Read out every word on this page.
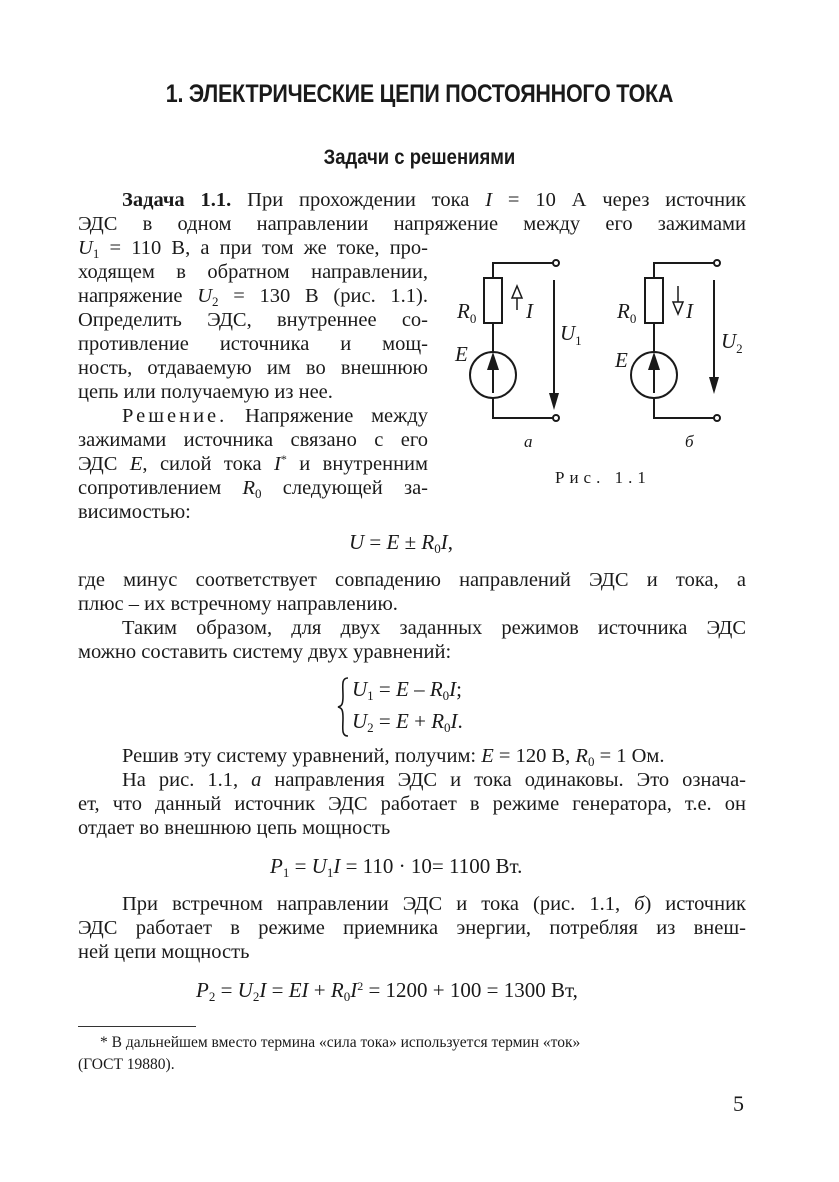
1. ЭЛЕКТРИЧЕСКИЕ ЦЕПИ ПОСТОЯННОГО ТОКА
Задачи с решениями
Задача 1.1. При прохождении тока I = 10 А через источник
ЭДС в одном направлении напряжение между его зажимами
$U_1 = 110$ В, а при том же токе, про-
ходящем в обратном направлении,
напряжение $U_2 = 130$ В (рис. 1.1).
Определить ЭДС, внутреннее со-
противление источника и мощ-
ность, отдаваемую им во внешнюю
цепь или получаемую из нее.
Решение. Напряжение между
зажимами источника связано с его
ЭДС E, силой тока I* и внутренним
сопротивлением $R_0$ следующей за-
висимостью:
$R_0$ I
$U_1$
E
$R_0$ I
$U_2$
E
а	б
Рис. 1.1
$U = E \pm R_0I$,
где минус соответствует совпадению направлений ЭДС и тока, а
плюс – их встречному направлению.
Таким образом, для двух заданных режимов источника ЭДС
можно составить систему двух уравнений:
$U_1 = E - R_0I$;
$U_2 = E + R_0I$.
Решив эту систему уравнений, получим: E = 120 В, $R_0 = 1$ Ом.
На рис. 1.1, а направления ЭДС и тока одинаковы. Это означа-
ет, что данный источник ЭДС работает в режиме генератора, т.е. он
отдает во внешнюю цепь мощность
$P_1 = U_1I = 110 \cdot 10= 1100$ Вт.
При встречном направлении ЭДС и тока (рис. 1.1, б) источник
ЭДС работает в режиме приемника энергии, потребляя из внеш-
ней цепи мощность
$P_2 = U_2I$ = EI + $R_0I^2 = 1200 + 100 = 1300$ Вт,
* В дальнейшем вместо термина «сила тока» используется термин «ток»
(ГОСТ 19880).
5
